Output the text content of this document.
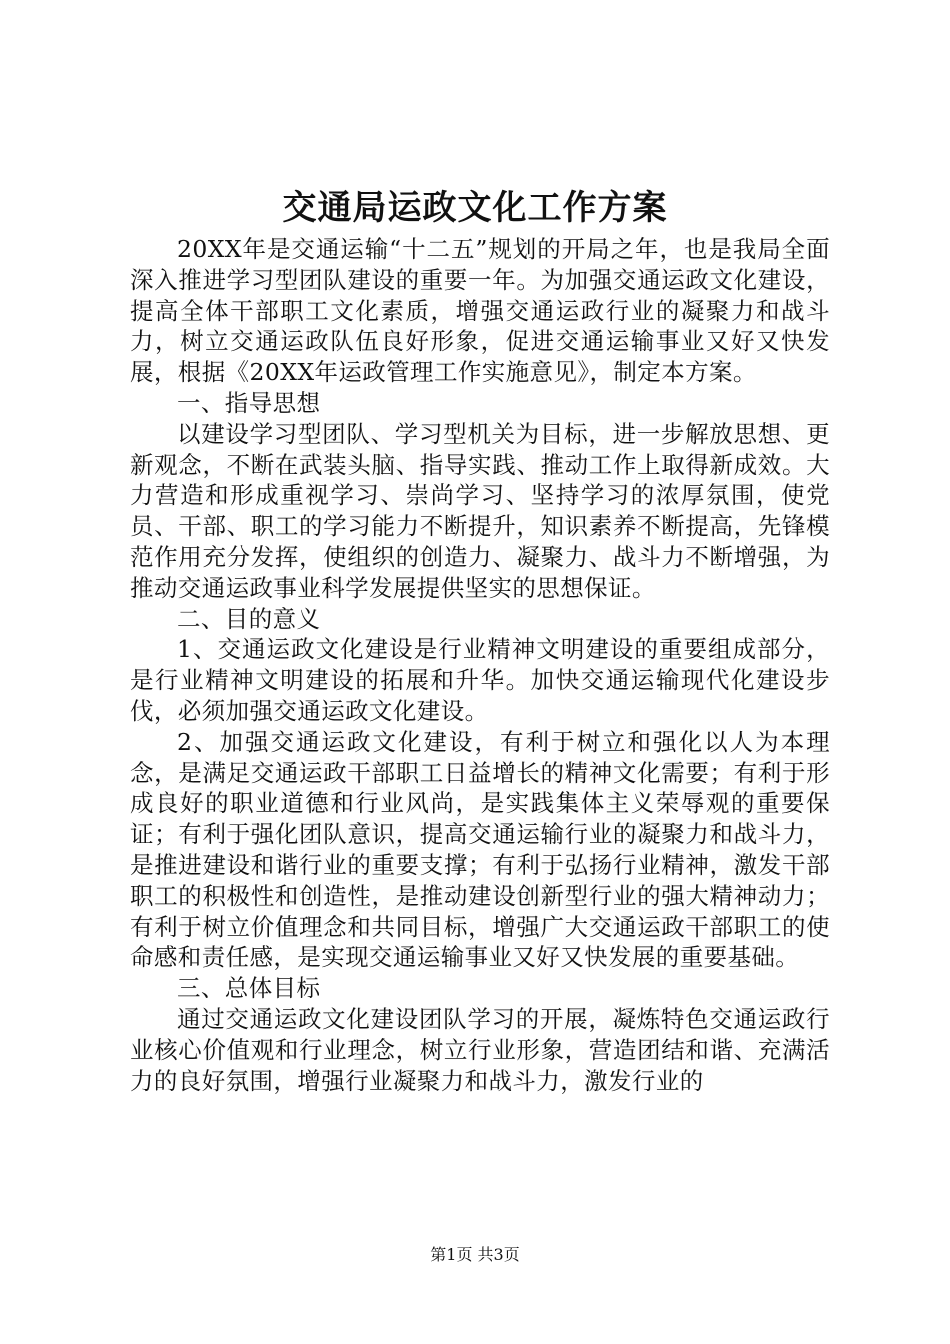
交通局运政文化工作方案

20XX年是交通运输“十二五”规划的开局之年，也是我局全面深入推进学习型团队建设的重要一年。为加强交通运政文化建设，提高全体干部职工文化素质，增强交通运政行业的凝聚力和战斗力，树立交通运政队伍良好形象，促进交通运输事业又好又快发展，根据《20XX年运政管理工作实施意见》，制定本方案。

一、指导思想

以建设学习型团队、学习型机关为目标，进一步解放思想、更新观念，不断在武装头脑、指导实践、推动工作上取得新成效。大力营造和形成重视学习、崇尚学习、坚持学习的浓厚氛围，使党员、干部、职工的学习能力不断提升，知识素养不断提高，先锋模范作用充分发挥，使组织的创造力、凝聚力、战斗力不断增强，为推动交通运政事业科学发展提供坚实的思想保证。

二、目的意义

1、交通运政文化建设是行业精神文明建设的重要组成部分，是行业精神文明建设的拓展和升华。加快交通运输现代化建设步伐，必须加强交通运政文化建设。

2、加强交通运政文化建设，有利于树立和强化以人为本理念，是满足交通运政干部职工日益增长的精神文化需要；有利于形成良好的职业道德和行业风尚，是实践集体主义荣辱观的重要保证；有利于强化团队意识，提高交通运输行业的凝聚力和战斗力，是推进建设和谐行业的重要支撑；有利于弘扬行业精神，激发干部职工的积极性和创造性，是推动建设创新型行业的强大精神动力；有利于树立价值理念和共同目标，增强广大交通运政干部职工的使命感和责任感，是实现交通运输事业又好又快发展的重要基础。

三、总体目标

通过交通运政文化建设团队学习的开展，凝炼特色交通运政行业核心价值观和行业理念，树立行业形象，营造团结和谐、充满活力的良好氛围，增强行业凝聚力和战斗力，激发行业的

第1页 共3页
